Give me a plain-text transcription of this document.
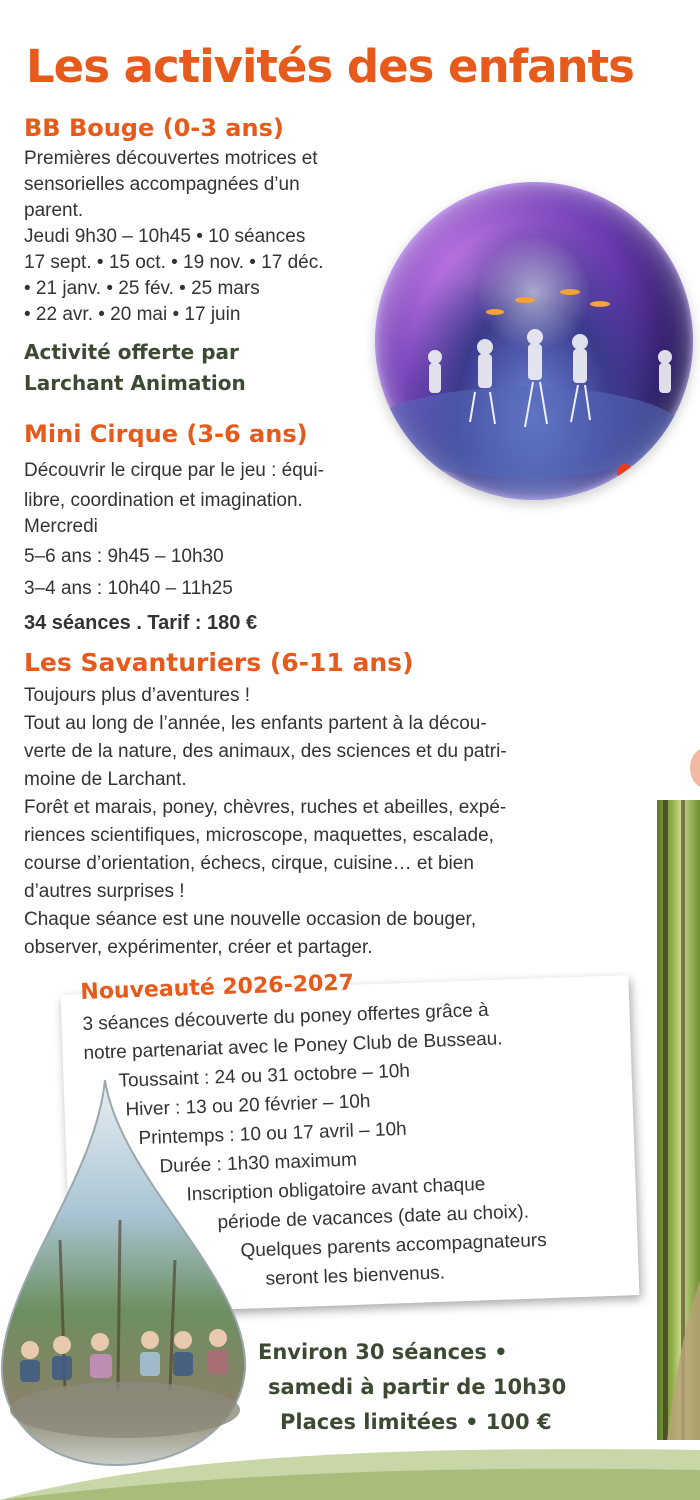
Les activités des enfants
BB Bouge (0-3 ans)
Premières découvertes motrices et
sensorielles accompagnées d’un
parent.
Jeudi 9h30 – 10h45 • 10 séances
17 sept. • 15 oct. • 19 nov. • 17 déc.
• 21 janv. • 25 fév. • 25 mars
• 22 avr. • 20 mai • 17 juin
Activité offerte par
Larchant Animation
Mini Cirque (3-6 ans)
Découvrir le cirque par le jeu : équi-
libre, coordination et imagination.
Mercredi
5–6 ans : 9h45 – 10h30
3–4 ans : 10h40 – 11h25
34 séances . Tarif : 180 €
Les Savanturiers (6-11 ans)
Toujours plus d’aventures !
Tout au long de l’année, les enfants partent à la décou-
verte de la nature, des animaux, des sciences et du patri-
moine de Larchant.
Forêt et marais, poney, chèvres, ruches et abeilles, expé-
riences scientifiques, microscope, maquettes, escalade,
course d’orientation, échecs, cirque, cuisine… et bien
d’autres surprises !
Chaque séance est une nouvelle occasion de bouger,
observer, expérimenter, créer et partager.
Nouveauté 2026-2027
3 séances découverte du poney offertes grâce à
notre partenariat avec le Poney Club de Busseau.
Toussaint : 24 ou 31 octobre – 10h
Hiver : 13 ou 20 février – 10h
Printemps : 10 ou 17 avril – 10h
Durée : 1h30 maximum
Inscription obligatoire avant chaque
période de vacances (date au choix).
Quelques parents accompagnateurs
seront les bienvenus.
Environ 30 séances •
samedi à partir de 10h30
Places limitées • 100 €
